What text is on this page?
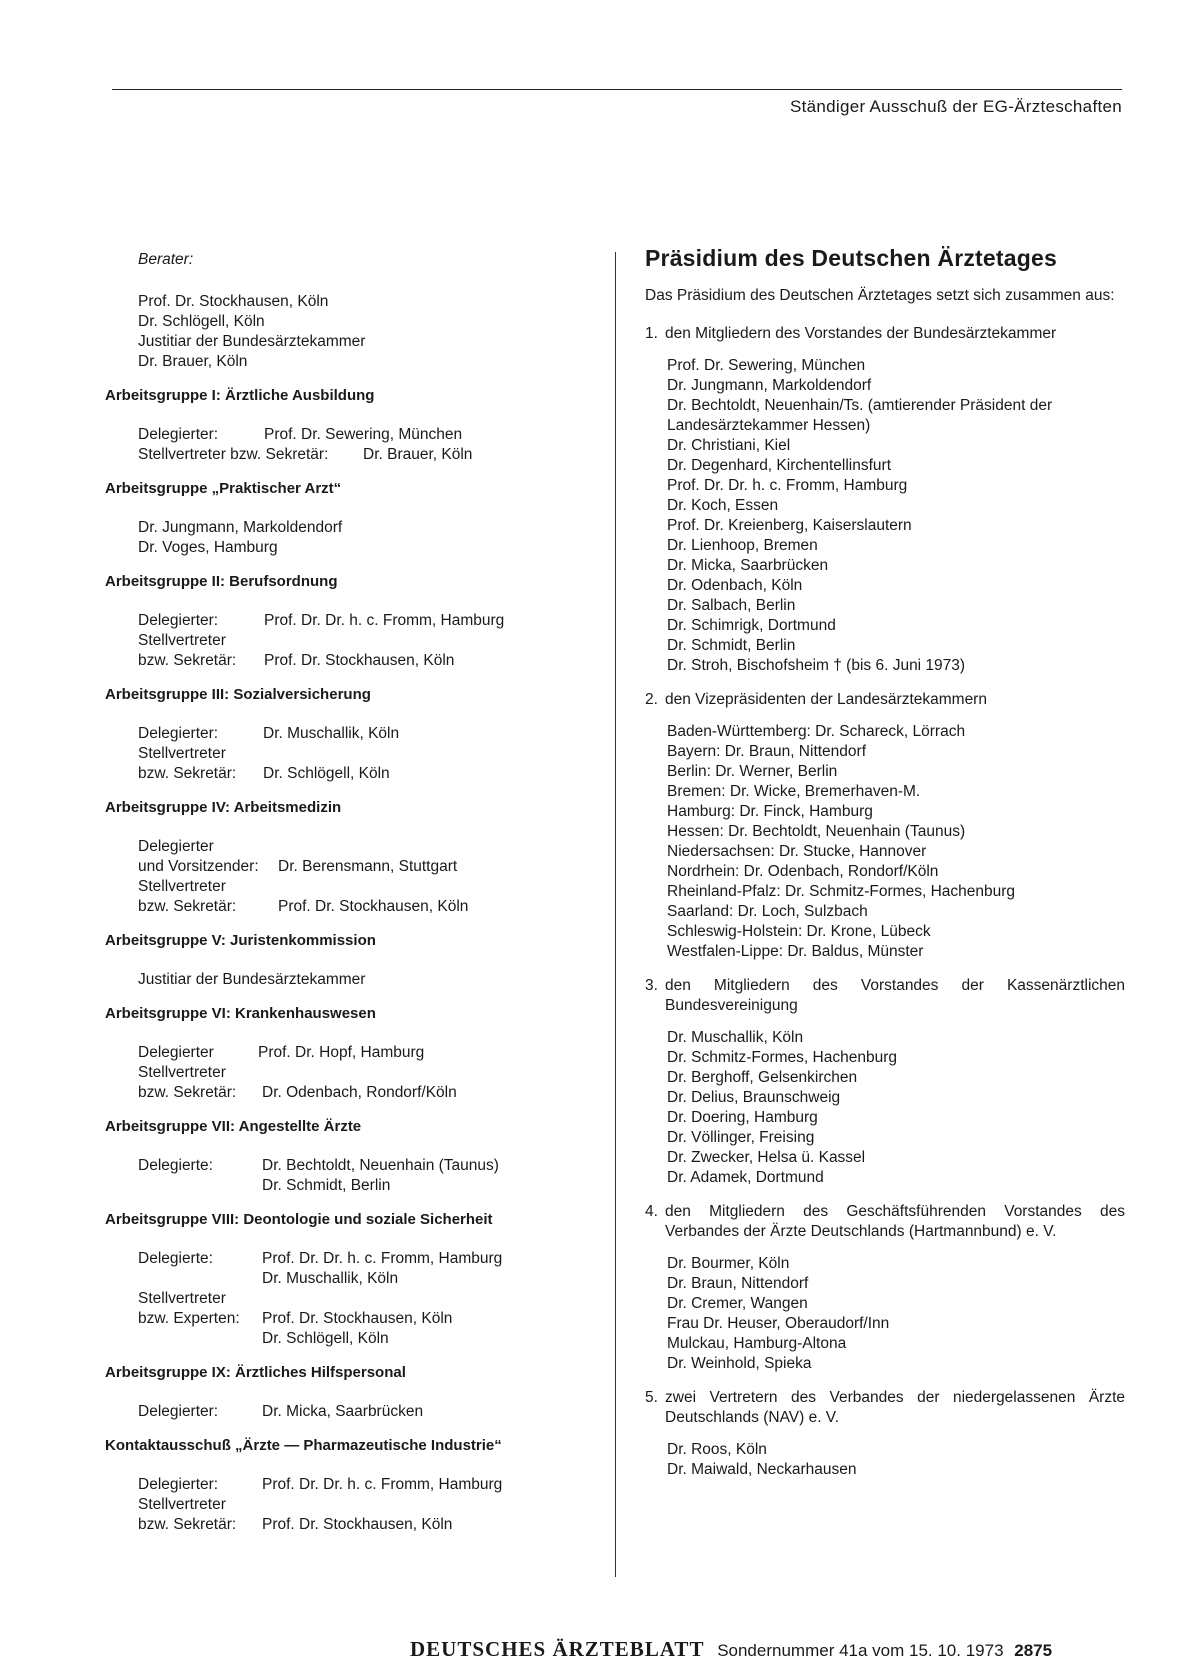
Ständiger Ausschuß der EG-Ärzteschaften
Berater:
Prof. Dr. Stockhausen, Köln
Dr. Schlögell, Köln
Justitiar der Bundesärztekammer
Dr. Brauer, Köln
Arbeitsgruppe I: Ärztliche Ausbildung
Delegierter:	Prof. Dr. Sewering, München
Stellvertreter bzw. Sekretär:	Dr. Brauer, Köln
Arbeitsgruppe „Praktischer Arzt“
Dr. Jungmann, Markoldendorf
Dr. Voges, Hamburg
Arbeitsgruppe II: Berufsordnung
Delegierter:	Prof. Dr. Dr. h. c. Fromm, Hamburg
Stellvertreter
bzw. Sekretär:	Prof. Dr. Stockhausen, Köln
Arbeitsgruppe III: Sozialversicherung
Delegierter:	Dr. Muschallik, Köln
Stellvertreter
bzw. Sekretär:	Dr. Schlögell, Köln
Arbeitsgruppe IV: Arbeitsmedizin
Delegierter
und Vorsitzender:	Dr. Berensmann, Stuttgart
Stellvertreter
bzw. Sekretär:	Prof. Dr. Stockhausen, Köln
Arbeitsgruppe V: Juristenkommission
Justitiar der Bundesärztekammer
Arbeitsgruppe VI: Krankenhauswesen
Delegierter	Prof. Dr. Hopf, Hamburg
Stellvertreter
bzw. Sekretär:	Dr. Odenbach, Rondorf/Köln
Arbeitsgruppe VII: Angestellte Ärzte
Delegierte:	Dr. Bechtoldt, Neuenhain (Taunus)
Dr. Schmidt, Berlin
Arbeitsgruppe VIII: Deontologie und soziale Sicherheit
Delegierte:	Prof. Dr. Dr. h. c. Fromm, Hamburg
Dr. Muschallik, Köln
Stellvertreter
bzw. Experten:	Prof. Dr. Stockhausen, Köln
Dr. Schlögell, Köln
Arbeitsgruppe IX: Ärztliches Hilfspersonal
Delegierter:	Dr. Micka, Saarbrücken
Kontaktausschuß „Ärzte — Pharmazeutische Industrie“
Delegierter:	Prof. Dr. Dr. h. c. Fromm, Hamburg
Stellvertreter
bzw. Sekretär:	Prof. Dr. Stockhausen, Köln
Präsidium des Deutschen Ärztetages
Das Präsidium des Deutschen Ärztetages setzt sich zusammen aus:
1. den Mitgliedern des Vorstandes der Bundesärztekammer
Prof. Dr. Sewering, München
Dr. Jungmann, Markoldendorf
Dr. Bechtoldt, Neuenhain/Ts. (amtierender Präsident der Landesärztekammer Hessen)
Dr. Christiani, Kiel
Dr. Degenhard, Kirchentellinsfurt
Prof. Dr. Dr. h. c. Fromm, Hamburg
Dr. Koch, Essen
Prof. Dr. Kreienberg, Kaiserslautern
Dr. Lienhoop, Bremen
Dr. Micka, Saarbrücken
Dr. Odenbach, Köln
Dr. Salbach, Berlin
Dr. Schimrigk, Dortmund
Dr. Schmidt, Berlin
Dr. Stroh, Bischofsheim † (bis 6. Juni 1973)
2. den Vizepräsidenten der Landesärztekammern
Baden-Württemberg: Dr. Schareck, Lörrach
Bayern: Dr. Braun, Nittendorf
Berlin: Dr. Werner, Berlin
Bremen: Dr. Wicke, Bremerhaven-M.
Hamburg: Dr. Finck, Hamburg
Hessen: Dr. Bechtoldt, Neuenhain (Taunus)
Niedersachsen: Dr. Stucke, Hannover
Nordrhein: Dr. Odenbach, Rondorf/Köln
Rheinland-Pfalz: Dr. Schmitz-Formes, Hachenburg
Saarland: Dr. Loch, Sulzbach
Schleswig-Holstein: Dr. Krone, Lübeck
Westfalen-Lippe: Dr. Baldus, Münster
3. den Mitgliedern des Vorstandes der Kassenärztlichen Bundesvereinigung
Dr. Muschallik, Köln
Dr. Schmitz-Formes, Hachenburg
Dr. Berghoff, Gelsenkirchen
Dr. Delius, Braunschweig
Dr. Doering, Hamburg
Dr. Völlinger, Freising
Dr. Zwecker, Helsa ü. Kassel
Dr. Adamek, Dortmund
4. den Mitgliedern des Geschäftsführenden Vorstandes des Verbandes der Ärzte Deutschlands (Hartmannbund) e. V.
Dr. Bourmer, Köln
Dr. Braun, Nittendorf
Dr. Cremer, Wangen
Frau Dr. Heuser, Oberaudorf/Inn
Mulckau, Hamburg-Altona
Dr. Weinhold, Spieka
5. zwei Vertretern des Verbandes der niedergelassenen Ärzte Deutschlands (NAV) e. V.
Dr. Roos, Köln
Dr. Maiwald, Neckarhausen
DEUTSCHES ÄRZTEBLATT Sondernummer 41a vom 15. 10. 1973 2875
